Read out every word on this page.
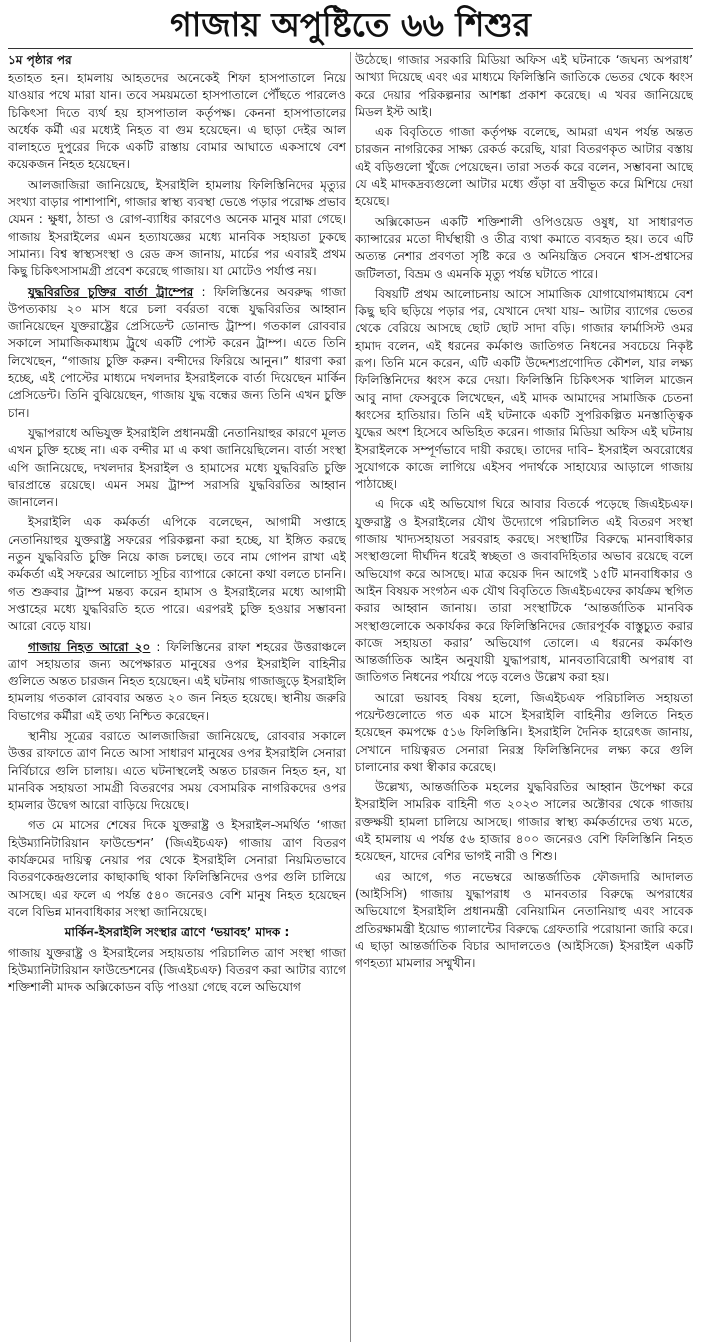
গাজায় অপুষ্টিতে ৬৬ শিশুর

১ম পৃষ্ঠার পর

হতাহত হন। হামলায় আহতদের অনেকেই শিফা হাসপাতালে নিয়ে যাওয়ার পথে মারা যান। তবে সময়মতো হাসপাতালে পৌঁছতে পারলেও চিকিৎসা দিতে ব্যর্থ হয় হাসপাতাল কর্তৃপক্ষ। কেননা হাসপাতালের অর্ধেক কর্মী এর মধ্যেই নিহত বা গুম হয়েছেন। এ ছাড়া দেইর আল বালাহতে দুপুরের দিকে একটি রাস্তায় বোমার আঘাতে একসাথে বেশ কয়েকজন নিহত হয়েছেন।

আলজাজিরা জানিয়েছে, ইসরাইলি হামলায় ফিলিস্তিনিদের মৃত্যুর সংখ্যা বাড়ার পাশাপাশি, গাজার স্বাস্থ্য ব্যবস্থা ভেঙে পড়ার পরোক্ষ প্রভাব যেমন : ক্ষুধা, ঠান্ডা ও রোগ-ব্যাধির কারণেও অনেক মানুষ মারা গেছে। গাজায় ইসরাইলের এমন হত্যাযজ্ঞের মধ্যে মানবিক সহায়তা ঢুকছে সামান্য। বিশ্ব স্বাস্থ্যসংস্থা ও রেড ক্রস জানায়, মার্চের পর এবারই প্রথম কিছু চিকিৎসাসামগ্রী প্রবেশ করেছে গাজায়। যা মোটেও পর্যাপ্ত নয়।

যুদ্ধবিরতির চুক্তির বার্তা ট্রাম্পের : ফিলিস্তিনের অবরুদ্ধ গাজা উপত্যকায় ২০ মাস ধরে চলা বর্বরতা বন্ধে যুদ্ধবিরতির আহ্বান জানিয়েছেন যুক্তরাষ্ট্রের প্রেসিডেন্ট ডোনাল্ড ট্রাম্প। গতকাল রোববার সকালে সামাজিকমাধ্যম ট্রুথে একটি পোস্ট করেন ট্রাম্প। এতে তিনি লিখেছেন, “গাজায় চুক্তি করুন। বন্দীদের ফিরিয়ে আনুন।” ধারণা করা হচ্ছে, এই পোস্টের মাধ্যমে দখলদার ইসরাইলকে বার্তা দিয়েছেন মার্কিন প্রেসিডেন্ট। তিনি বুঝিয়েছেন, গাজায় যুদ্ধ বন্ধের জন্য তিনি এখন চুক্তি চান।

যুদ্ধাপরাধে অভিযুক্ত ইসরাইলি প্রধানমন্ত্রী নেতানিয়াহুর কারণে মূলত এখন চুক্তি হচ্ছে না। এক বন্দীর মা এ কথা জানিয়েছিলেন। বার্তা সংস্থা এপি জানিয়েছে, দখলদার ইসরাইল ও হামাসের মধ্যে যুদ্ধবিরতি চুক্তি দ্বারপ্রান্তে রয়েছে। এমন সময় ট্রাম্প সরাসরি যুদ্ধবিরতির আহ্বান জানালেন।

ইসরাইলি এক কর্মকর্তা এপিকে বলেছেন, আগামী সপ্তাহে নেতানিয়াহুর যুক্তরাষ্ট্র সফরের পরিকল্পনা করা হচ্ছে, যা ইঙ্গিত করছে নতুন যুদ্ধবিরতি চুক্তি নিয়ে কাজ চলছে। তবে নাম গোপন রাখা এই কর্মকর্তা এই সফরের আলোচ্য সূচির ব্যাপারে কোনো কথা বলতে চাননি। গত শুক্রবার ট্রাম্প মন্তব্য করেন হামাস ও ইসরাইলের মধ্যে আগামী সপ্তাহের মধ্যে যুদ্ধবিরতি হতে পারে। এরপরই চুক্তি হওয়ার সম্ভাবনা আরো বেড়ে যায়।

গাজায় নিহত আরো ২০ : ফিলিস্তিনের রাফা শহরের উত্তরাঞ্চলে ত্রাণ সহায়তার জন্য অপেক্ষারত মানুষের ওপর ইসরাইলি বাহিনীর গুলিতে অন্তত চারজন নিহত হয়েছেন। এই ঘটনায় গাজাজুড়ে ইসরাইলি হামলায় গতকাল রোববার অন্তত ২০ জন নিহত হয়েছে। স্থানীয় জরুরি বিভাগের কর্মীরা এই তথ্য নিশ্চিত করেছেন।

স্থানীয় সূত্রের বরাতে আলজাজিরা জানিয়েছে, রোববার সকালে উত্তর রাফাতে ত্রাণ নিতে আসা সাধারণ মানুষের ওপর ইসরাইলি সেনারা নির্বিচারে গুলি চালায়। এতে ঘটনাস্থলেই অন্তত চারজন নিহত হন, যা মানবিক সহায়তা সামগ্রী বিতরণের সময় বেসামরিক নাগরিকদের ওপর হামলার উদ্বেগ আরো বাড়িয়ে দিয়েছে।

গত মে মাসের শেষের দিকে যুক্তরাষ্ট্র ও ইসরাইল-সমর্থিত ‘গাজা হিউম্যানিটারিয়ান ফাউন্ডেশন’ (জিএইচএফ) গাজায় ত্রাণ বিতরণ কার্যক্রমের দায়িত্ব নেয়ার পর থেকে ইসরাইলি সেনারা নিয়মিতভাবে বিতরণকেন্দ্রগুলোর কাছাকাছি থাকা ফিলিস্তিনিদের ওপর গুলি চালিয়ে আসছে। এর ফলে এ পর্যন্ত ৫৪০ জনেরও বেশি মানুষ নিহত হয়েছেন বলে বিভিন্ন মানবাধিকার সংস্থা জানিয়েছে।

মার্কিন-ইসরাইলি সংস্থার ত্রাণে ‘ভয়াবহ’ মাদক :

গাজায় যুক্তরাষ্ট্র ও ইসরাইলের সহায়তায় পরিচালিত ত্রাণ সংস্থা গাজা হিউম্যানিটারিয়ান ফাউন্ডেশনের (জিএইচএফ) বিতরণ করা আটার ব্যাগে শক্তিশালী মাদক অক্সিকোডন বড়ি পাওয়া গেছে বলে অভিযোগ

উঠেছে। গাজার সরকারি মিডিয়া অফিস এই ঘটনাকে ‘জঘন্য অপরাধ’ আখ্যা দিয়েছে এবং এর মাধ্যমে ফিলিস্তিনি জাতিকে ভেতর থেকে ধ্বংস করে দেয়ার পরিকল্পনার আশঙ্কা প্রকাশ করেছে। এ খবর জানিয়েছে মিডল ইস্ট আই।

এক বিবৃতিতে গাজা কর্তৃপক্ষ বলেছে, আমরা এখন পর্যন্ত অন্তত চারজন নাগরিকের সাক্ষ্য রেকর্ড করেছি, যারা বিতরণকৃত আটার বস্তায় এই বড়িগুলো খুঁজে পেয়েছেন। তারা সতর্ক করে বলেন, সম্ভাবনা আছে যে এই মাদকদ্রব্যগুলো আটার মধ্যে গুঁড়া বা দ্রবীভূত করে মিশিয়ে দেয়া হয়েছে।

অক্সিকোডন একটি শক্তিশালী ওপিওয়েড ওষুধ, যা সাধারণত ক্যান্সারের মতো দীর্ঘস্থায়ী ও তীব্র ব্যথা কমাতে ব্যবহৃত হয়। তবে এটি অত্যন্ত নেশার প্রবণতা সৃষ্টি করে ও অনিয়ন্ত্রিত সেবনে শ্বাস-প্রশ্বাসের জটিলতা, বিভ্রম ও এমনকি মৃত্যু পর্যন্ত ঘটাতে পারে।

বিষয়টি প্রথম আলোচনায় আসে সামাজিক যোগাযোগমাধ্যমে বেশ কিছু ছবি ছড়িয়ে পড়ার পর, যেখানে দেখা যায়– আটার ব্যাগের ভেতর থেকে বেরিয়ে আসছে ছোট ছোট সাদা বড়ি। গাজার ফার্মাসিস্ট ওমর হামাদ বলেন, এই ধরনের কর্মকাণ্ড জাতিগত নিধনের সবচেয়ে নিকৃষ্ট রূপ। তিনি মনে করেন, এটি একটি উদ্দেশ্যপ্রণোদিত কৌশল, যার লক্ষ্য ফিলিস্তিনিদের ধ্বংস করে দেয়া। ফিলিস্তিনি চিকিৎসক খালিল মাজেন আবু নাদা ফেসবুকে লিখেছেন, এই মাদক আমাদের সামাজিক চেতনা ধ্বংসের হাতিয়ার। তিনি এই ঘটনাকে একটি সুপরিকল্পিত মনস্তাত্ত্বিক যুদ্ধের অংশ হিসেবে অভিহিত করেন। গাজার মিডিয়া অফিস এই ঘটনায় ইসরাইলকে সম্পূর্ণভাবে দায়ী করছে। তাদের দাবি– ইসরাইল অবরোধের সুযোগকে কাজে লাগিয়ে এইসব পদার্থকে সাহায্যের আড়ালে গাজায় পাঠাচ্ছে।

এ দিকে এই অভিযোগ ঘিরে আবার বিতর্কে পড়েছে জিএইচএফ। যুক্তরাষ্ট্র ও ইসরাইলের যৌথ উদ্যোগে পরিচালিত এই বিতরণ সংস্থা গাজায় খাদ্যসহায়তা সরবরাহ করছে। সংস্থাটির বিরুদ্ধে মানবাধিকার সংস্থাগুলো দীর্ঘদিন ধরেই স্বচ্ছতা ও জবাবদিহিতার অভাব রয়েছে বলে অভিযোগ করে আসছে। মাত্র কয়েক দিন আগেই ১৫টি মানবাধিকার ও আইন বিষয়ক সংগঠন এক যৌথ বিবৃতিতে জিএইচএফের কার্যক্রম স্থগিত করার আহ্বান জানায়। তারা সংস্থাটিকে ‘আন্তর্জাতিক মানবিক সংস্থাগুলোকে অকার্যকর করে ফিলিস্তিনিদের জোরপূর্বক বাস্তুচ্যুত করার কাজে সহায়তা করার’ অভিযোগ তোলে। এ ধরনের কর্মকাণ্ড আন্তর্জাতিক আইন অনুযায়ী যুদ্ধাপরাধ, মানবতাবিরোধী অপরাধ বা জাতিগত নিধনের পর্যায়ে পড়ে বলেও উল্লেখ করা হয়।

আরো ভয়াবহ বিষয় হলো, জিএইচএফ পরিচালিত সহায়তা পয়েন্টগুলোতে গত এক মাসে ইসরাইলি বাহিনীর গুলিতে নিহত হয়েছেন কমপক্ষে ৫১৬ ফিলিস্তিনি। ইসরাইলি দৈনিক হারেৎজ জানায়, সেখানে দায়িত্বরত সেনারা নিরস্ত্র ফিলিস্তিনিদের লক্ষ্য করে গুলি চালানোর কথা স্বীকার করেছে।

উল্লেখ্য, আন্তর্জাতিক মহলের যুদ্ধবিরতির আহ্বান উপেক্ষা করে ইসরাইলি সামরিক বাহিনী গত ২০২৩ সালের অক্টোবর থেকে গাজায় রক্তক্ষয়ী হামলা চালিয়ে আসছে। গাজার স্বাস্থ্য কর্মকর্তাদের তথ্য মতে, এই হামলায় এ পর্যন্ত ৫৬ হাজার ৪০০ জনেরও বেশি ফিলিস্তিনি নিহত হয়েছেন, যাদের বেশির ভাগই নারী ও শিশু।

এর আগে, গত নভেম্বরে আন্তর্জাতিক ফৌজদারি আদালত (আইসিসি) গাজায় যুদ্ধাপরাধ ও মানবতার বিরুদ্ধে অপরাধের অভিযোগে ইসরাইলি প্রধানমন্ত্রী বেনিয়ামিন নেতানিয়াহু এবং সাবেক প্রতিরক্ষামন্ত্রী ইয়োভ গ্যালান্টের বিরুদ্ধে গ্রেফতারি পরোয়ানা জারি করে। এ ছাড়া আন্তর্জাতিক বিচার আদালতেও (আইসিজে) ইসরাইল একটি গণহত্যা মামলার সম্মুখীন।
